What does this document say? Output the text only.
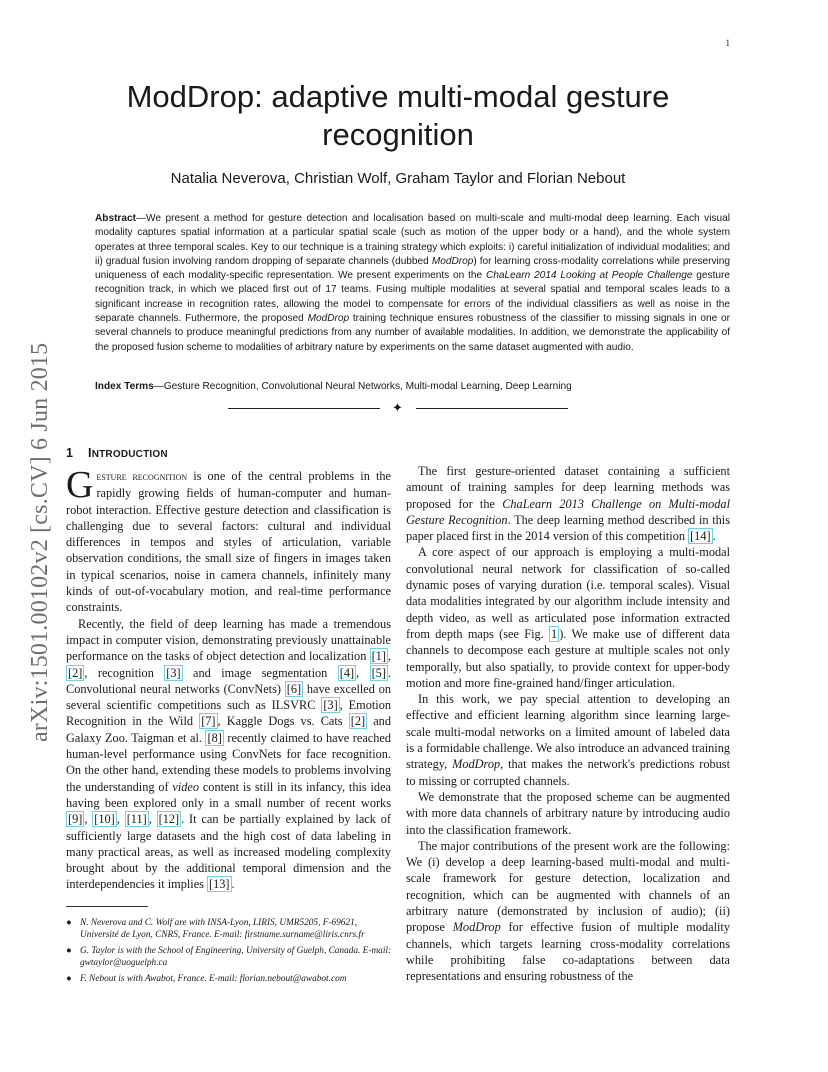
1
arXiv:1501.00102v2 [cs.CV] 6 Jun 2015
ModDrop: adaptive multi-modal gesture recognition
Natalia Neverova, Christian Wolf, Graham Taylor and Florian Nebout
Abstract—We present a method for gesture detection and localisation based on multi-scale and multi-modal deep learning. Each visual modality captures spatial information at a particular spatial scale (such as motion of the upper body or a hand), and the whole system operates at three temporal scales. Key to our technique is a training strategy which exploits: i) careful initialization of individual modalities; and ii) gradual fusion involving random dropping of separate channels (dubbed ModDrop) for learning cross-modality correlations while preserving uniqueness of each modality-specific representation. We present experiments on the ChaLearn 2014 Looking at People Challenge gesture recognition track, in which we placed first out of 17 teams. Fusing multiple modalities at several spatial and temporal scales leads to a significant increase in recognition rates, allowing the model to compensate for errors of the individual classifiers as well as noise in the separate channels. Futhermore, the proposed ModDrop training technique ensures robustness of the classifier to missing signals in one or several channels to produce meaningful predictions from any number of available modalities. In addition, we demonstrate the applicability of the proposed fusion scheme to modalities of arbitrary nature by experiments on the same dataset augmented with audio.
Index Terms—Gesture Recognition, Convolutional Neural Networks, Multi-modal Learning, Deep Learning
✦
1 INTRODUCTION

Gesture recognition is one of the central problems in the rapidly growing fields of human-computer and human-robot interaction. Effective gesture detection and classification is challenging due to several factors: cultural and individual differences in tempos and styles of articulation, variable observation conditions, the small size of fingers in images taken in typical scenarios, noise in camera channels, infinitely many kinds of out-of-vocabulary motion, and real-time performance constraints.

Recently, the field of deep learning has made a tremendous impact in computer vision, demonstrating previously unattainable performance on the tasks of object detection and localization [1] , [2] , recognition [3] and image segmentation [4] , [5] . Convolutional neural networks (ConvNets) [6] have excelled on several scientific competitions such as ILSVRC [3] , Emotion Recognition in the Wild [7] , Kaggle Dogs vs. Cats [2] and Galaxy Zoo. Taigman et al. [8] recently claimed to have reached human-level performance using ConvNets for face recognition. On the other hand, extending these models to problems involving the understanding of video content is still in its infancy, this idea having been explored only in a small number of recent works [9] , [10] , [11] , [12] . It can be partially explained by lack of sufficiently large datasets and the high cost of data labeling in many practical areas, as well as increased modeling complexity brought about by the additional temporal dimension and the interdependencies it implies [13] .

The first gesture-oriented dataset containing a sufficient amount of training samples for deep learning methods was proposed for the ChaLearn 2013 Challenge on Multi-modal Gesture Recognition. The deep learning method described in this paper placed first in the 2014 version of this competition [14] .

A core aspect of our approach is employing a multi-modal convolutional neural network for classification of so-called dynamic poses of varying duration (i.e. temporal scales). Visual data modalities integrated by our algorithm include intensity and depth video, as well as articulated pose information extracted from depth maps (see Fig. 1 ). We make use of different data channels to decompose each gesture at multiple scales not only temporally, but also spatially, to provide context for upper-body motion and more fine-grained hand/finger articulation.

In this work, we pay special attention to developing an effective and efficient learning algorithm since learning large-scale multi-modal networks on a limited amount of labeled data is a formidable challenge. We also introduce an advanced training strategy, ModDrop, that makes the network's predictions robust to missing or corrupted channels.

We demonstrate that the proposed scheme can be augmented with more data channels of arbitrary nature by introducing audio into the classification framework.

The major contributions of the present work are the following: We (i) develop a deep learning-based multi-modal and multi-scale framework for gesture detection, localization and recognition, which can be augmented with channels of an arbitrary nature (demonstrated by inclusion of audio); (ii) propose ModDrop for effective fusion of multiple modality channels, which targets learning cross-modality correlations while prohibiting false co-adaptations between data representations and ensuring robustness of the

● N. Neverova and C. Wolf are with INSA-Lyon, LIRIS, UMR5205, F-69621, Université de Lyon, CNRS, France. E-mail: firstname.surname@liris.cnrs.fr
● G. Taylor is with the School of Engineering, University of Guelph, Canada. E-mail: gwtaylor@uoguelph.ca
● F. Nebout is with Awabot, France. E-mail: florian.nebout@awabot.com
